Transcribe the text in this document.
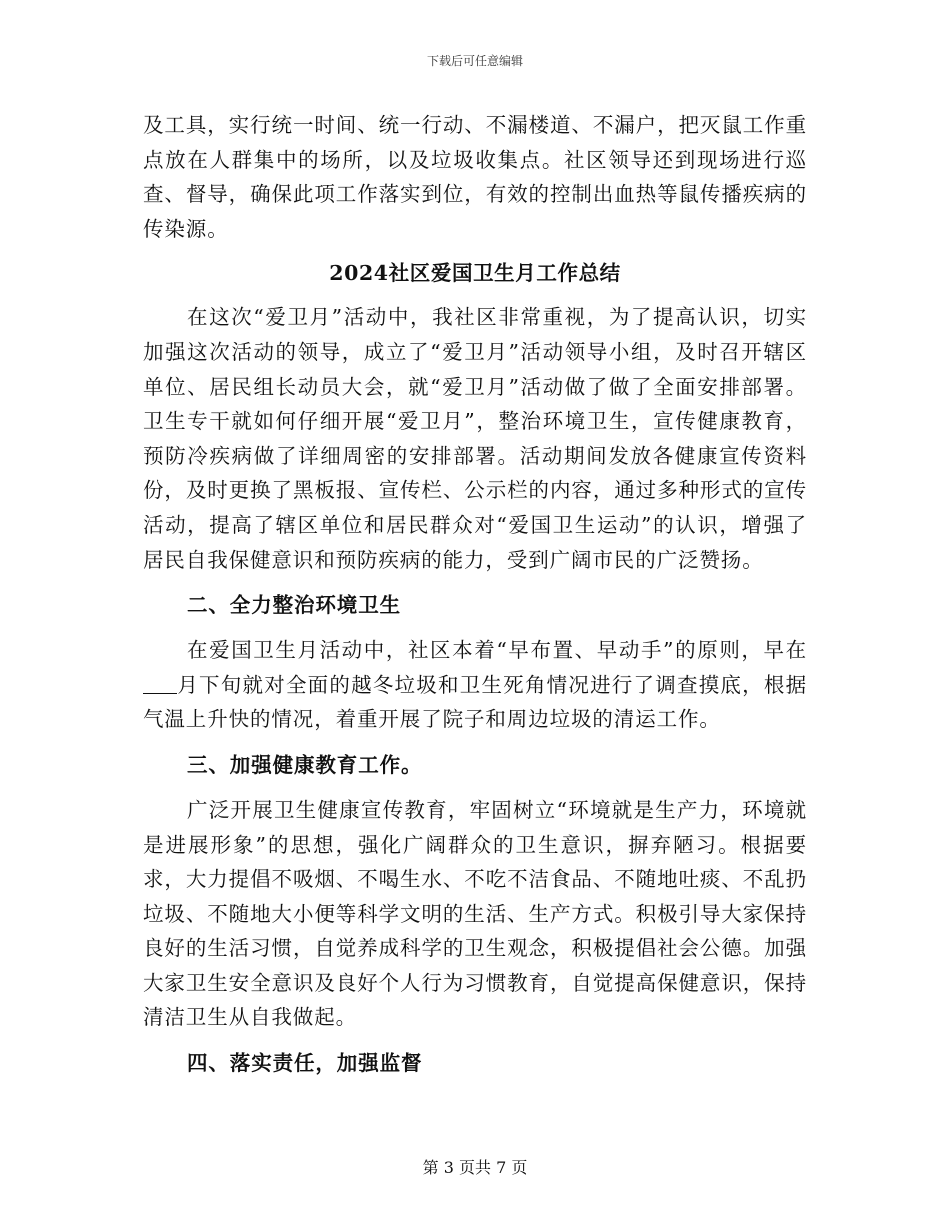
下载后可任意编辑

及工具，实行统一时间、统一行动、不漏楼道、不漏户，把灭鼠工作重点放在人群集中的场所，以及垃圾收集点。社区领导还到现场进行巡查、督导，确保此项工作落实到位，有效的控制出血热等鼠传播疾病的传染源。

2024社区爱国卫生月工作总结

在这次“爱卫月”活动中，我社区非常重视，为了提高认识，切实加强这次活动的领导，成立了“爱卫月”活动领导小组，及时召开辖区单位、居民组长动员大会，就“爱卫月”活动做了做了全面安排部署。卫生专干就如何仔细开展“爱卫月”，整治环境卫生，宣传健康教育，预防冷疾病做了详细周密的安排部署。活动期间发放各健康宣传资料份，及时更换了黑板报、宣传栏、公示栏的内容，通过多种形式的宣传活动，提高了辖区单位和居民群众对“爱国卫生运动”的认识，增强了居民自我保健意识和预防疾病的能力，受到广阔市民的广泛赞扬。

二、全力整治环境卫生

在爱国卫生月活动中，社区本着“早布置、早动手”的原则，早在月下旬就对全面的越冬垃圾和卫生死角情况进行了调查摸底，根据气温上升快的情况，着重开展了院子和周边垃圾的清运工作。

三、加强健康教育工作。

广泛开展卫生健康宣传教育，牢固树立“环境就是生产力，环境就是进展形象”的思想，强化广阔群众的卫生意识，摒弃陋习。根据要求，大力提倡不吸烟、不喝生水、不吃不洁食品、不随地吐痰、不乱扔垃圾、不随地大小便等科学文明的生活、生产方式。积极引导大家保持良好的生活习惯，自觉养成科学的卫生观念，积极提倡社会公德。加强大家卫生安全意识及良好个人行为习惯教育，自觉提高保健意识，保持清洁卫生从自我做起。

四、落实责任，加强监督

第 3 页共 7 页
